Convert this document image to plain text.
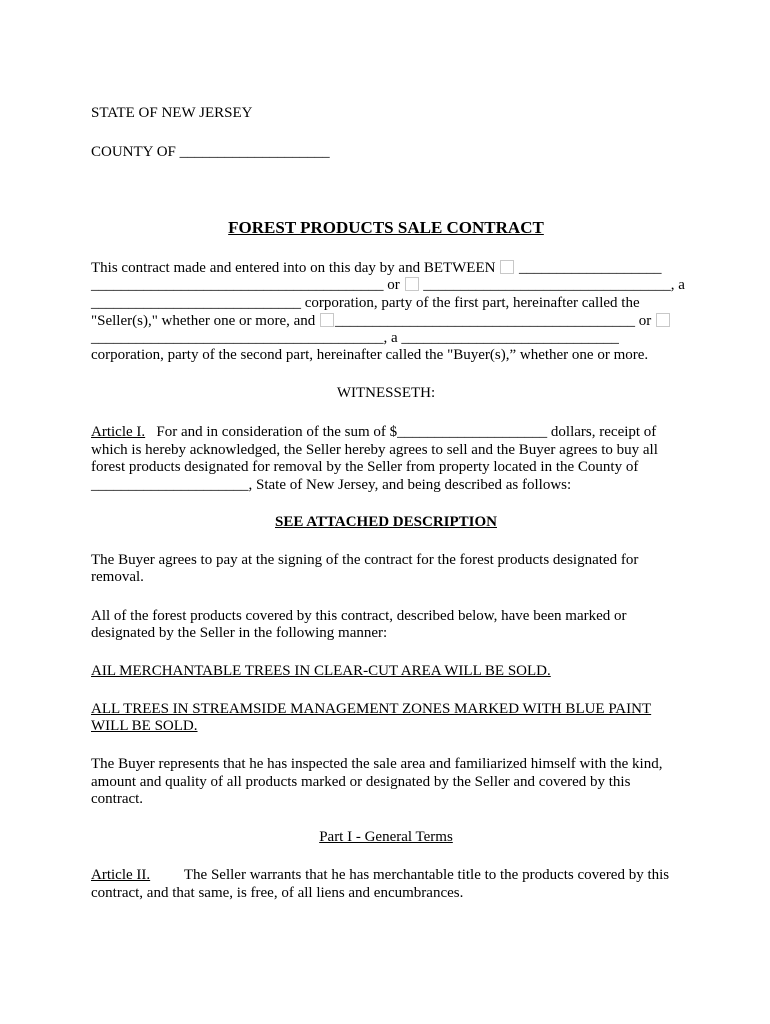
STATE OF NEW JERSEY
COUNTY OF ____________________
FOREST PRODUCTS SALE CONTRACT
This contract made and entered into on this day by and BETWEEN ___________________
_______________________________________ or _________________________________, a
____________________________ corporation, party of the first part, hereinafter called the
"Seller(s)," whether one or more, and ________________________________________ or
_______________________________________, a _____________________________
corporation, party of the second part, hereinafter called the "Buyer(s),” whether one or more.
WITNESSETH:
Article I. For and in consideration of the sum of $____________________ dollars, receipt of
which is hereby acknowledged, the Seller hereby agrees to sell and the Buyer agrees to buy all
forest products designated for removal by the Seller from property located in the County of
_____________________, State of New Jersey, and being described as follows:
SEE ATTACHED DESCRIPTION
The Buyer agrees to pay at the signing of the contract for the forest products designated for
removal.
All of the forest products covered by this contract, described below, have been marked or
designated by the Seller in the following manner:
AIL MERCHANTABLE TREES IN CLEAR-CUT AREA WILL BE SOLD.
ALL TREES IN STREAMSIDE MANAGEMENT ZONES MARKED WITH BLUE PAINT
WILL BE SOLD.
The Buyer represents that he has inspected the sale area and familiarized himself with the kind,
amount and quality of all products marked or designated by the Seller and covered by this
contract.
Part I - General Terms
Article II. The Seller warrants that he has merchantable title to the products covered by this
contract, and that same, is free, of all liens and encumbrances.
